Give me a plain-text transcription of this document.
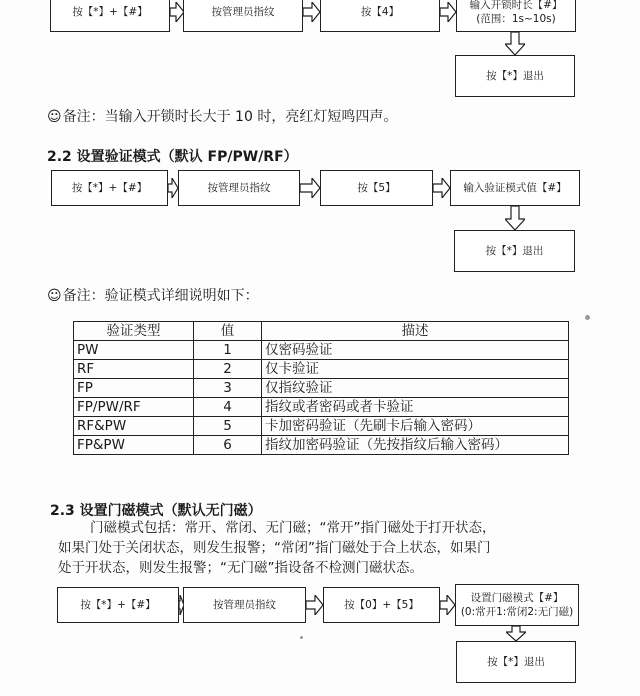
按【*】+【#】	按管理员指纹	按【4】
输入开锁时长【#】
(范围：1s~10s)
按【*】退出
☺备注：当输入开锁时长大于 10 时，亮红灯短鸣四声。
2.2 设置验证模式（默认 FP/PW/RF）
按【*】+【#】	按管理员指纹	按【5】	输入验证模式值【#】
按【*】退出
☺备注：验证模式详细说明如下：
验证类型	值	描述
PW	1	仅密码验证
RF	2	仅卡验证
FP	3	仅指纹验证
FP/PW/RF	4	指纹或者密码或者卡验证
RF&PW	5	卡加密码验证（先刷卡后输入密码）
FP&PW	6	指纹加密码验证（先按指纹后输入密码）
2.3 设置门磁模式（默认无门磁）
门磁模式包括：常开、常闭、无门磁；“常开”指门磁处于打开状态，
如果门处于关闭状态，则发生报警；“常闭”指门磁处于合上状态，如果门
处于开状态，则发生报警；“无门磁”指设备不检测门磁状态。
按【*】+【#】	按管理员指纹	按【0】+【5】
设置门磁模式【#】
(0:常开1:常闭2:无门磁)
按【*】退出
